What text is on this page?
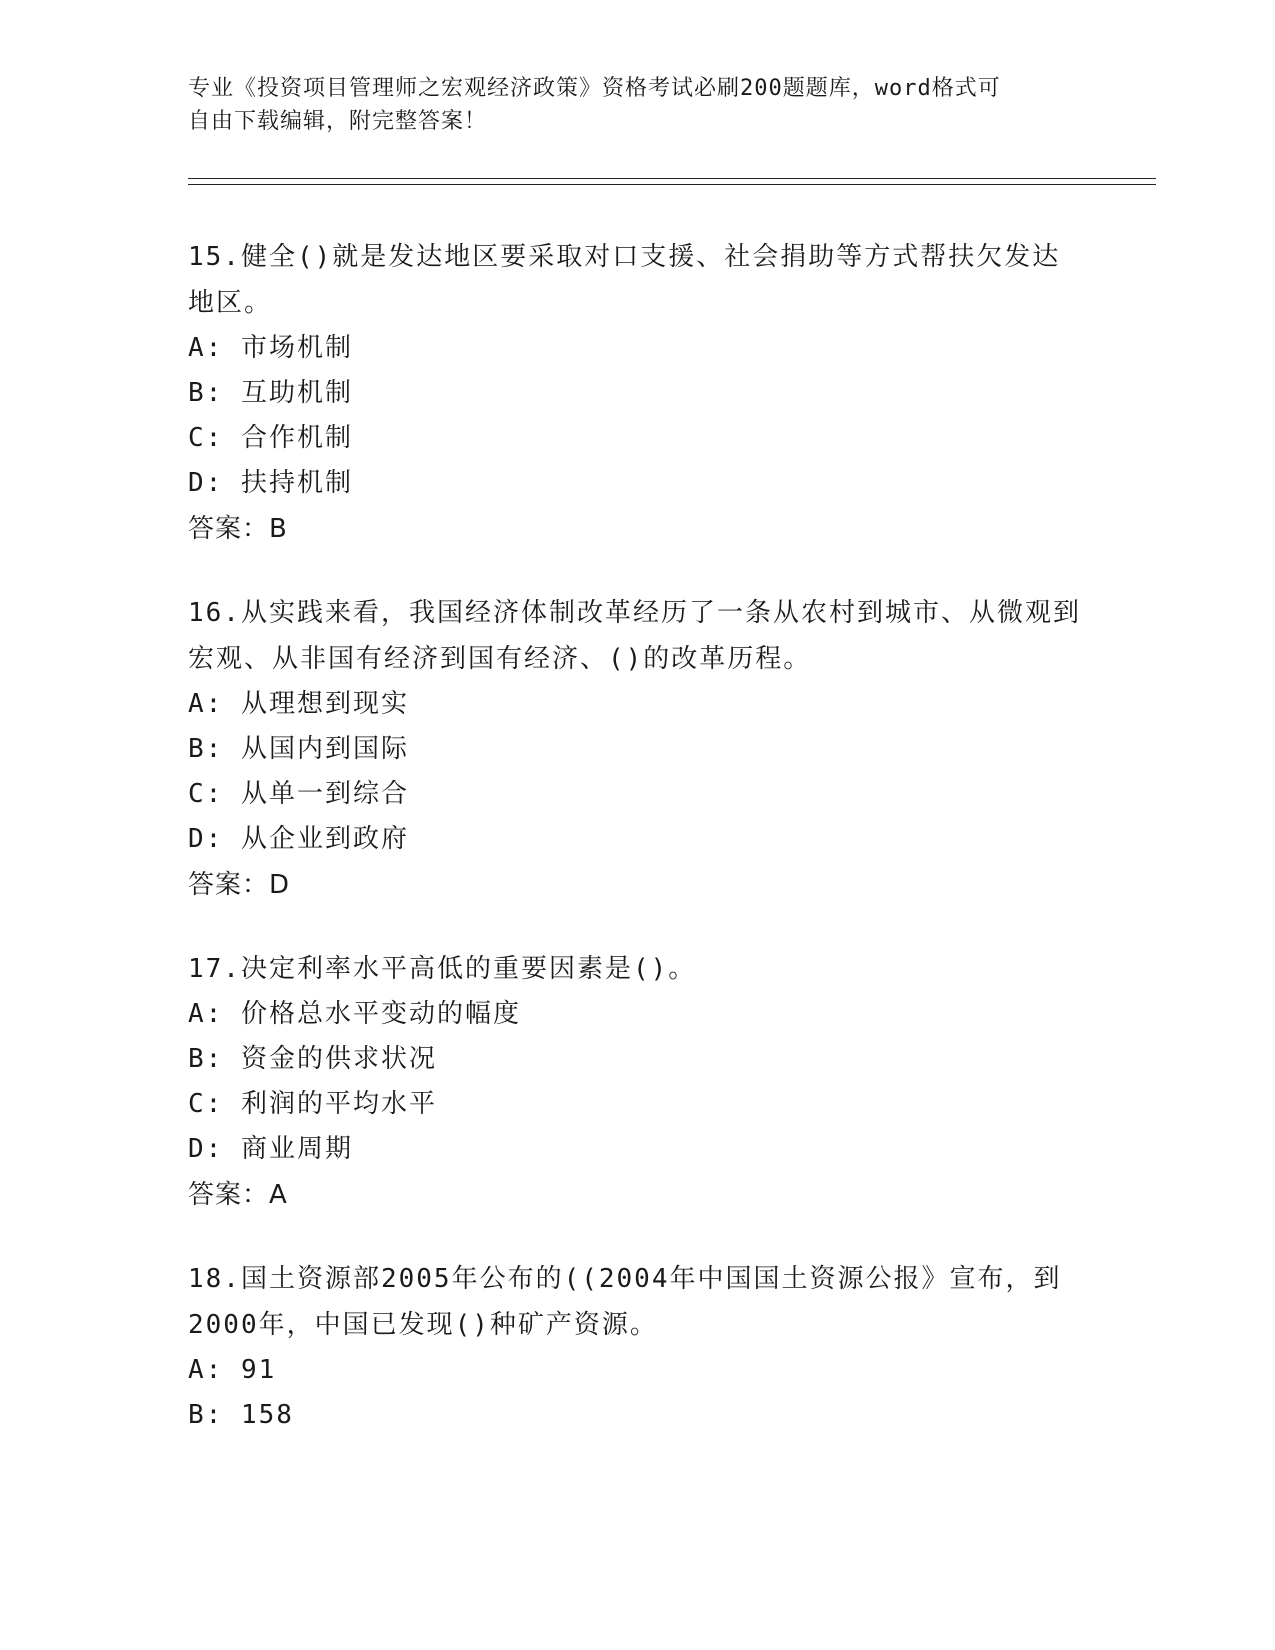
专业《投资项目管理师之宏观经济政策》资格考试必刷200题题库，word格式可
自由下载编辑，附完整答案！

15.健全()就是发达地区要采取对口支援、社会捐助等方式帮扶欠发达地区。

A: 市场机制

B: 互助机制

C: 合作机制

D: 扶持机制

答案：B

16.从实践来看，我国经济体制改革经历了一条从农村到城市、从微观到宏观、从非国有经济到国有经济、()的改革历程。

A: 从理想到现实

B: 从国内到国际

C: 从单一到综合

D: 从企业到政府

答案：D

17.决定利率水平高低的重要因素是()。

A: 价格总水平变动的幅度

B: 资金的供求状况

C: 利润的平均水平

D: 商业周期

答案：A

18.国土资源部2005年公布的((2004年中国国土资源公报》宣布，到2000年，中国已发现()种矿产资源。

A: 91

B: 158
